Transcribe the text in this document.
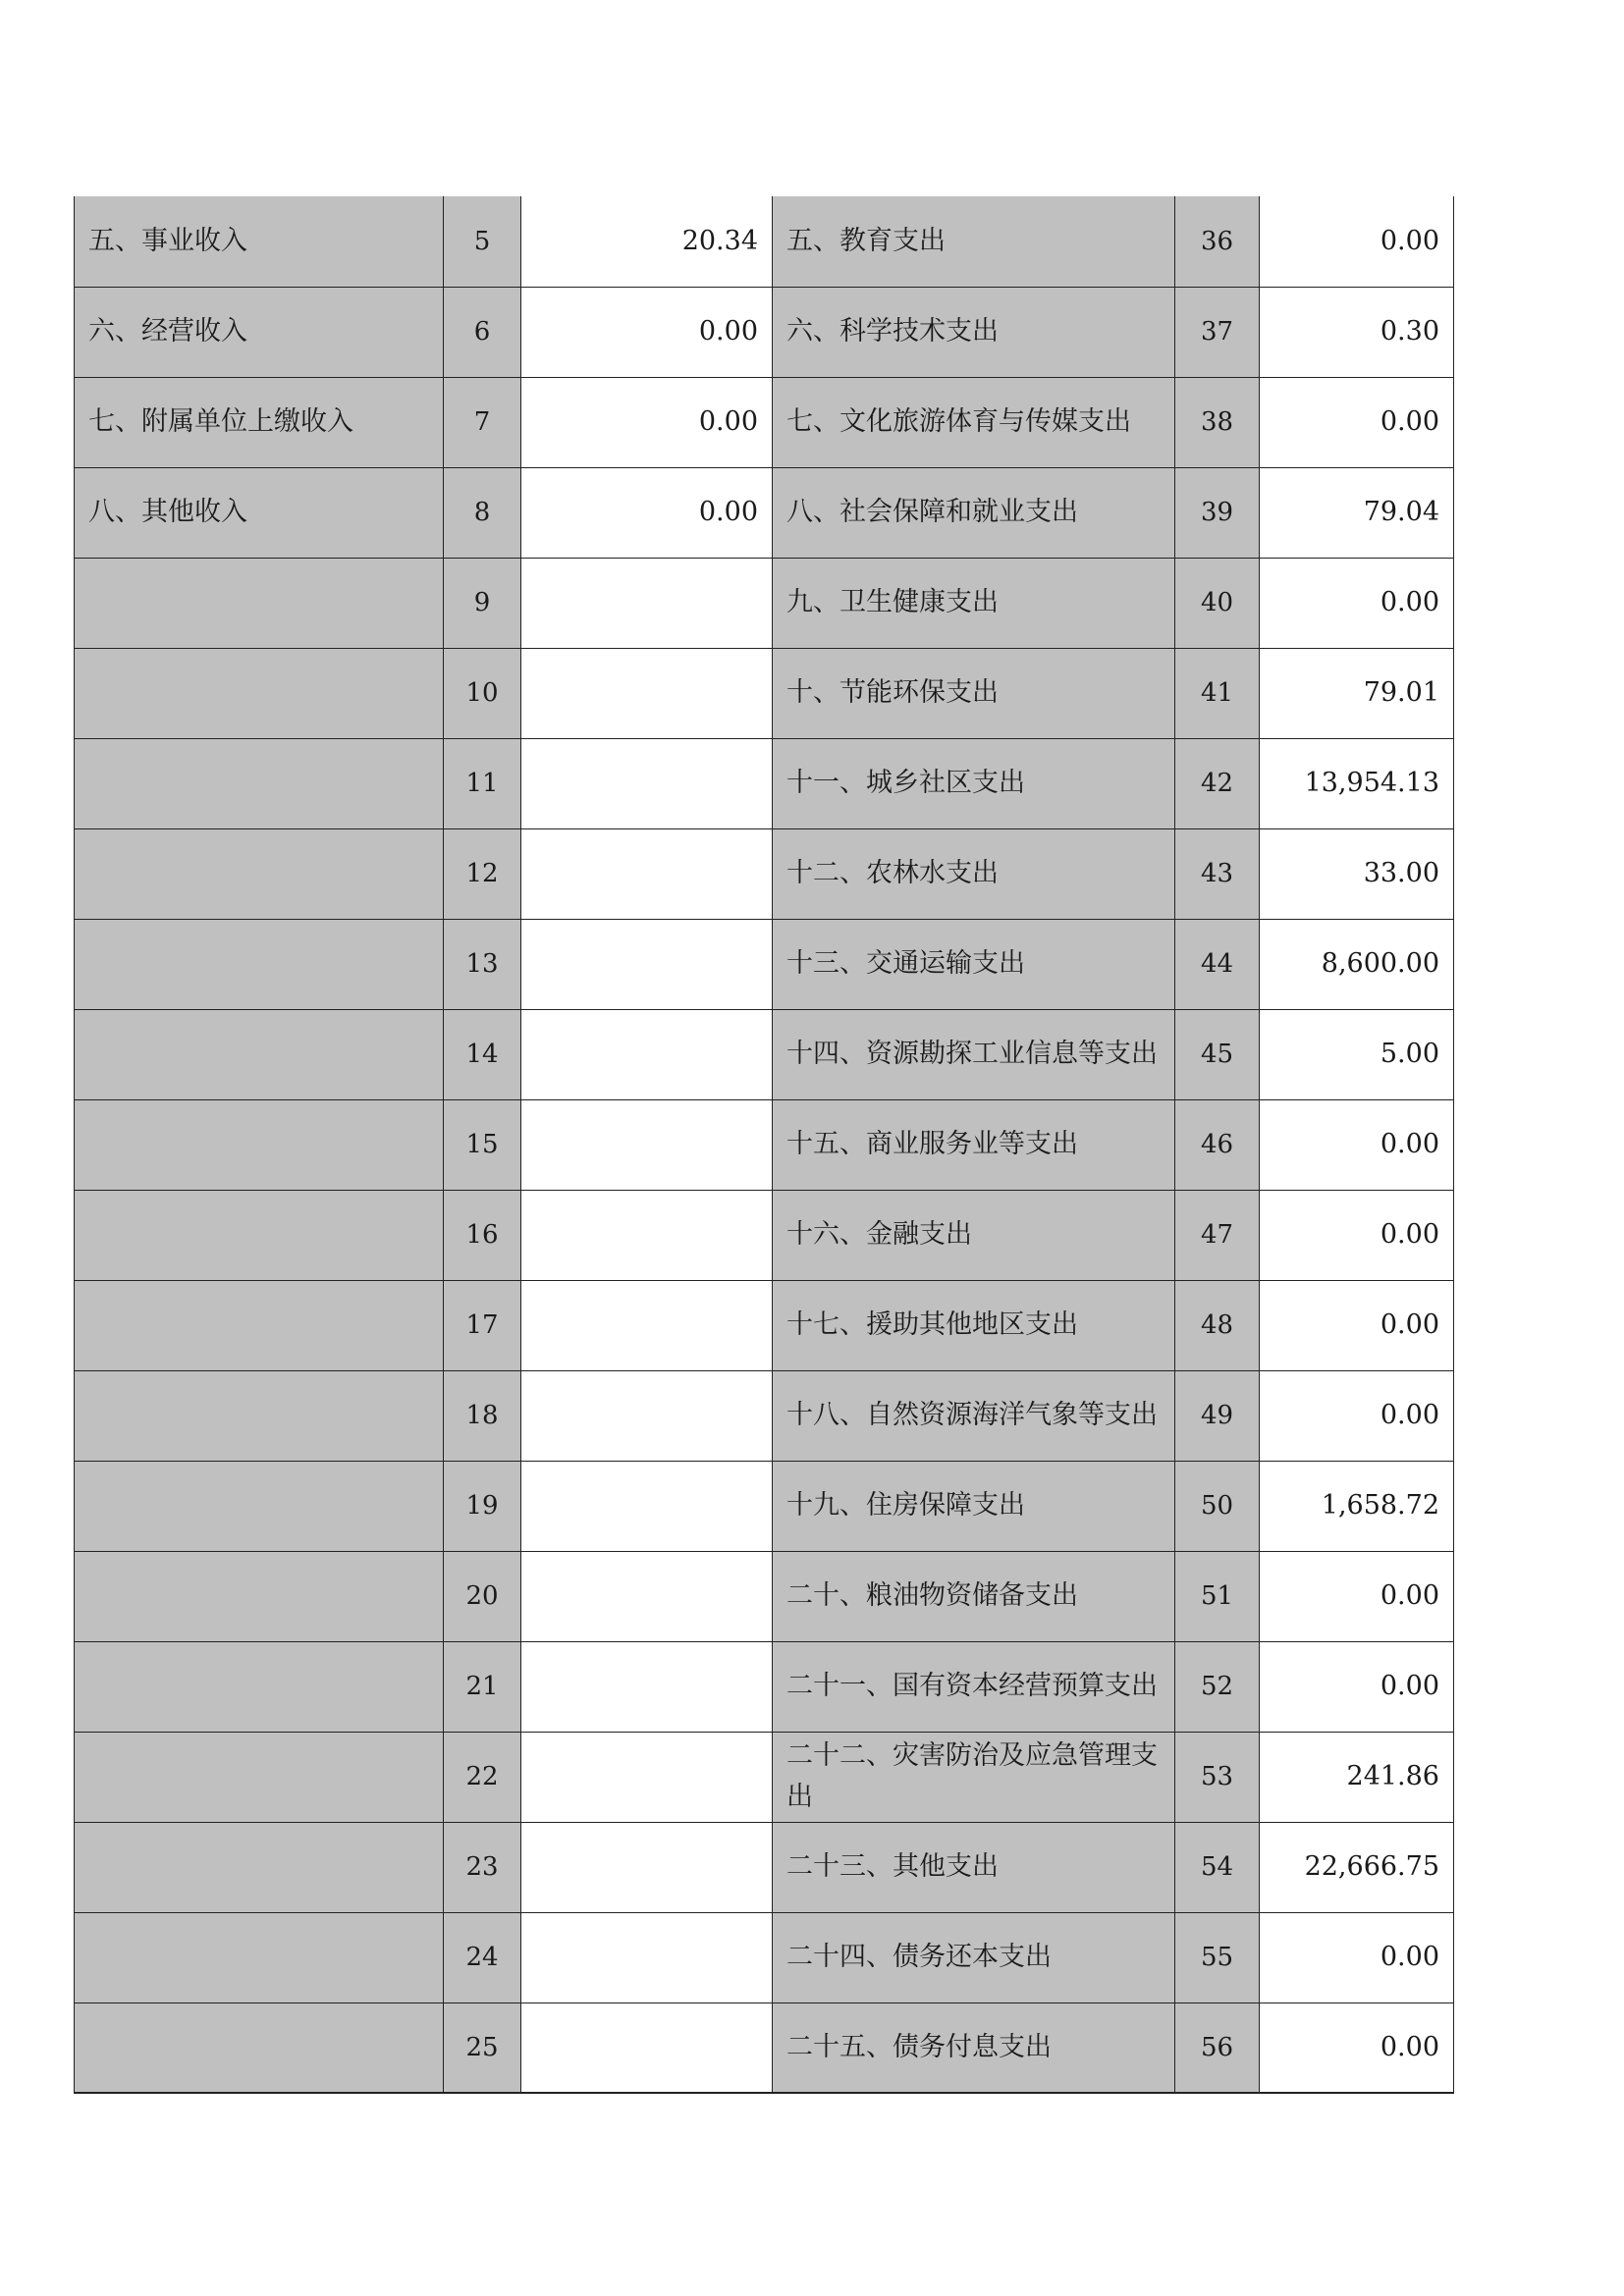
五、事业收入	5	20.34	五、教育支出	36	0.00
六、经营收入	6	0.00	六、科学技术支出	37	0.30
七、附属单位上缴收入	7	0.00	七、文化旅游体育与传媒支出	38	0.00
八、其他收入	8	0.00	八、社会保障和就业支出	39	79.04
	9		九、卫生健康支出	40	0.00
	10		十、节能环保支出	41	79.01
	11		十一、城乡社区支出	42	13,954.13
	12		十二、农林水支出	43	33.00
	13		十三、交通运输支出	44	8,600.00
	14		十四、资源勘探工业信息等支出	45	5.00
	15		十五、商业服务业等支出	46	0.00
	16		十六、金融支出	47	0.00
	17		十七、援助其他地区支出	48	0.00
	18		十八、自然资源海洋气象等支出	49	0.00
	19		十九、住房保障支出	50	1,658.72
	20		二十、粮油物资储备支出	51	0.00
	21		二十一、国有资本经营预算支出	52	0.00
	22		二十二、灾害防治及应急管理支出	53	241.86
	23		二十三、其他支出	54	22,666.75
	24		二十四、债务还本支出	55	0.00
	25		二十五、债务付息支出	56	0.00
